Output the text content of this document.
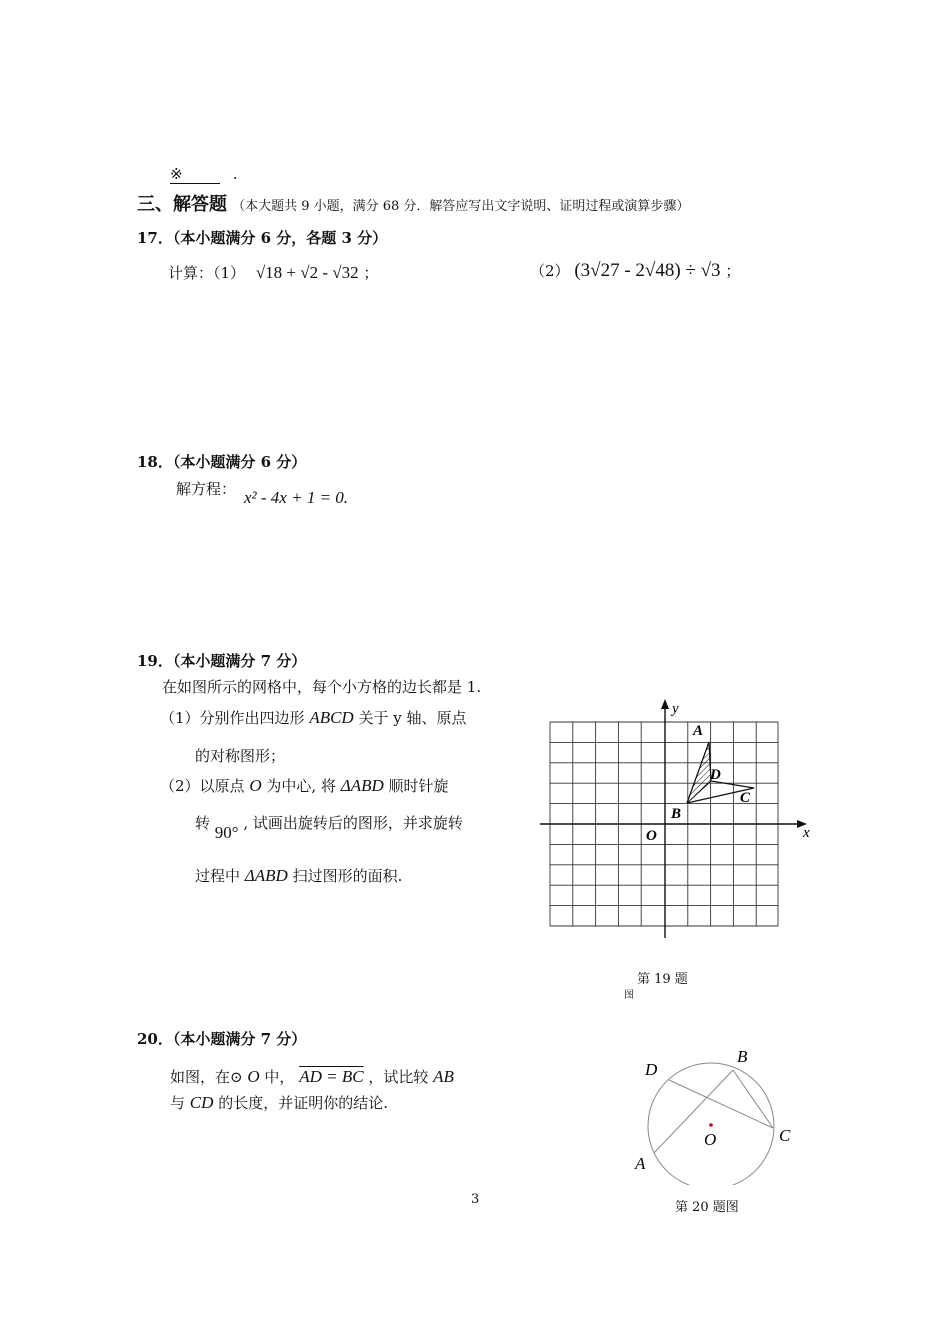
※	.
三、解答题 （本大题共 9 小题，满分 68 分．解答应写出文字说明、证明过程或演算步骤）
17．（本小题满分 6 分，各题 3 分）
计算：（1） √18 + √2 - √32 ；	（2） (3√27 - 2√48) ÷ √3 ；
18．（本小题满分 6 分）
解方程： x² - 4x + 1 = 0.
19．（本小题满分 7 分）
在如图所示的网格中，每个小方格的边长都是 1.
（1）分别作出四边形 ABCD 关于 y 轴、原点
的对称图形；
（2）以原点 O 为中心, 将 ΔABD 顺时针旋
转 90° , 试画出旋转后的图形，并求旋转
过程中 ΔABD 扫过图形的面积.
y
x
A
D
C
B
O
第 19 题
图
20．（本小题满分 7 分）
如图，在⊙ O 中， AD = BC ，试比较 AB
与 CD 的长度，并证明你的结论.
D
B
C
O
A
第 20 题图
3
